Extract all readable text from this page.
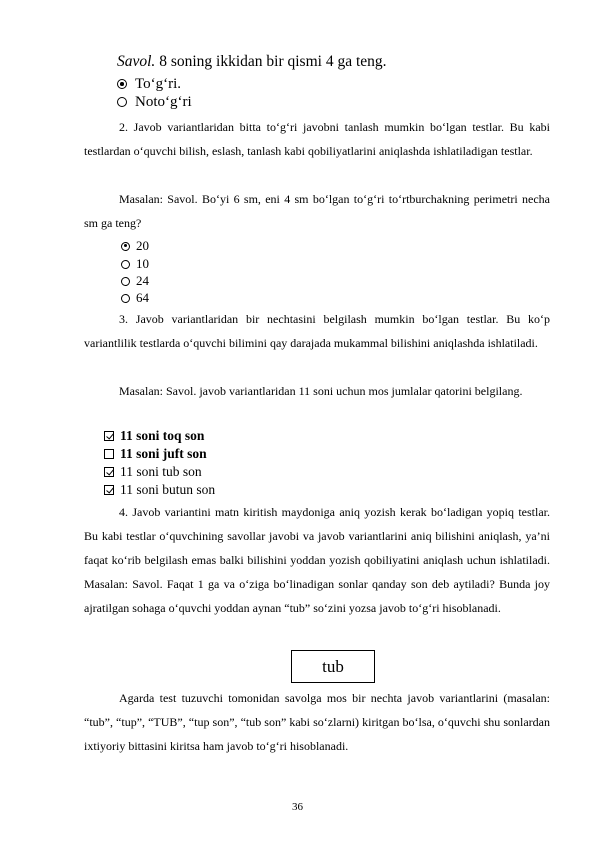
Savol. 8 soning ikkidan bir qismi 4 ga teng.
To‘g‘ri.
Noto‘g‘ri
2. Javob variantlaridan bitta to‘g‘ri javobni tanlash mumkin bo‘lgan testlar. Bu kabi testlardan o‘quvchi bilish, eslash, tanlash kabi qobiliyatlarini aniqlashda ishlatiladigan testlar.
Masalan: Savol. Bo‘yi 6 sm, eni 4 sm bo‘lgan to‘g‘ri to‘rtburchakning perimetri necha sm ga teng?
20
10
24
64
3. Javob variantlaridan bir nechtasini belgilash mumkin bo‘lgan testlar. Bu ko‘p variantlilik testlarda o‘quvchi bilimini qay darajada mukammal bilishini aniqlashda ishlatiladi.
Masalan: Savol. javob variantlaridan 11 soni uchun mos jumlalar qatorini belgilang.
11 soni toq son
11 soni juft son
11 soni tub son
11 soni butun son
4. Javob variantini matn kiritish maydoniga aniq yozish kerak bo‘ladigan yopiq testlar. Bu kabi testlar o‘quvchining savollar javobi va javob variantlarini aniq bilishini aniqlash, ya’ni faqat ko‘rib belgilash emas balki bilishini yoddan yozish qobiliyatini aniqlash uchun ishlatiladi. Masalan: Savol. Faqat 1 ga va o‘ziga bo‘linadigan sonlar qanday son deb aytiladi? Bunda joy ajratilgan sohaga o‘quvchi yoddan aynan “tub” so‘zini yozsa javob to‘g‘ri hisoblanadi.
tub
Agarda test tuzuvchi tomonidan savolga mos bir nechta javob variantlarini (masalan: “tub”, “tup”, “TUB”, “tup son”, “tub son” kabi so‘zlarni) kiritgan bo‘lsa, o‘quvchi shu sonlardan ixtiyoriy bittasini kiritsa ham javob to‘g‘ri hisoblanadi.
36
